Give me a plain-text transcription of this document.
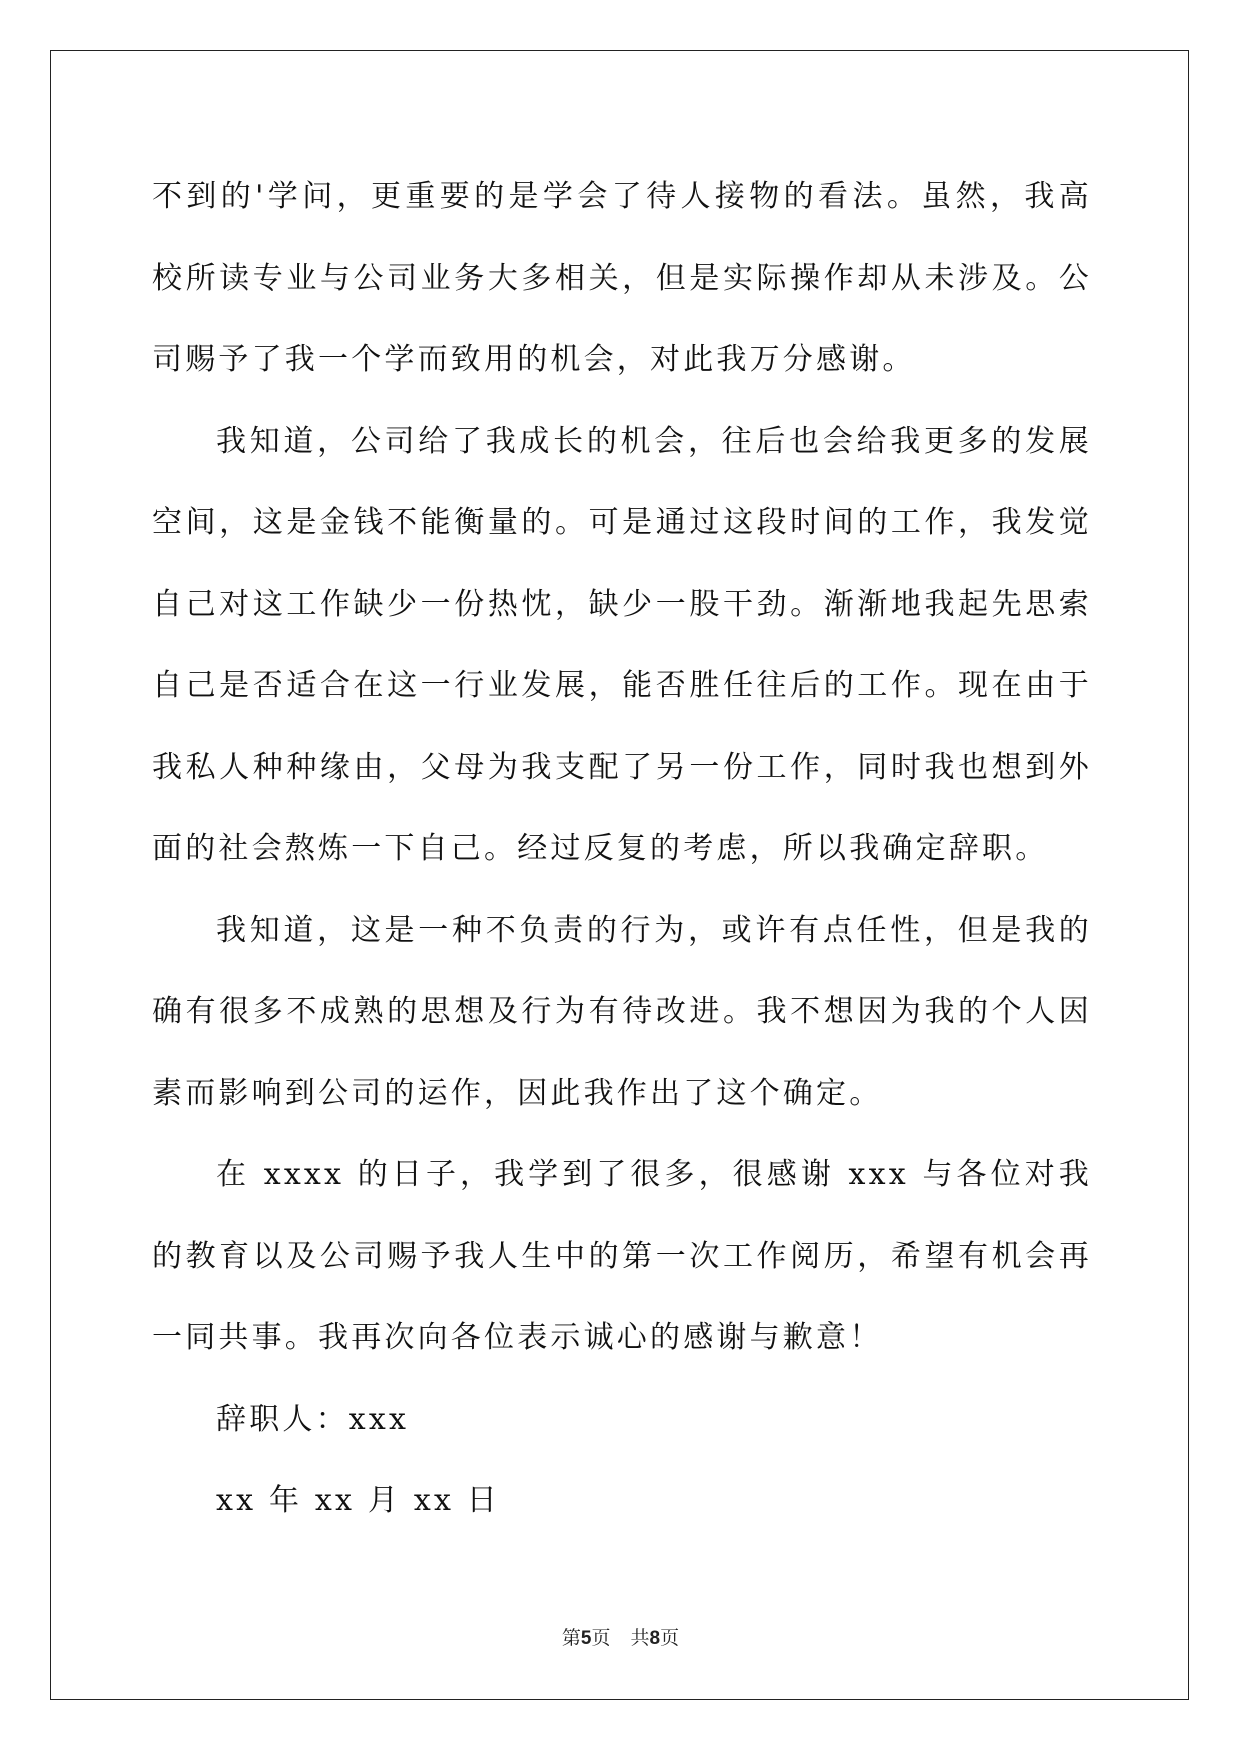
不到的'学问，更重要的是学会了待人接物的看法。虽然，我高校所读专业与公司业务大多相关，但是实际操作却从未涉及。公司赐予了我一个学而致用的机会，对此我万分感谢。

我知道，公司给了我成长的机会，往后也会给我更多的发展空间，这是金钱不能衡量的。可是通过这段时间的工作，我发觉自己对这工作缺少一份热忱，缺少一股干劲。渐渐地我起先思索自己是否适合在这一行业发展，能否胜任往后的工作。现在由于我私人种种缘由，父母为我支配了另一份工作，同时我也想到外面的社会熬炼一下自己。经过反复的考虑，所以我确定辞职。

我知道，这是一种不负责的行为，或许有点任性，但是我的确有很多不成熟的思想及行为有待改进。我不想因为我的个人因素而影响到公司的运作，因此我作出了这个确定。

在 xxxx 的日子，我学到了很多，很感谢 xxx 与各位对我的教育以及公司赐予我人生中的第一次工作阅历，希望有机会再一同共事。我再次向各位表示诚心的感谢与歉意！

辞职人：xxx

xx 年 xx 月 xx 日

第5页 共8页
